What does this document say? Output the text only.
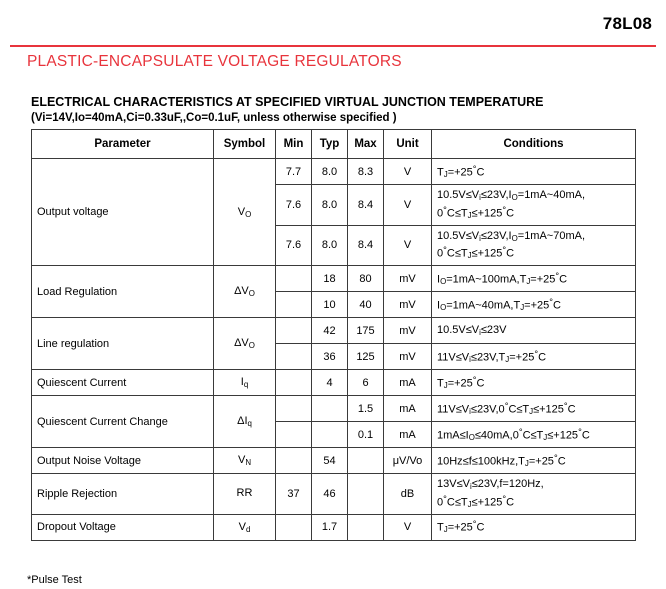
78L08
PLASTIC-ENCAPSULATE VOLTAGE REGULATORS
ELECTRICAL CHARACTERISTICS AT SPECIFIED VIRTUAL JUNCTION TEMPERATURE
(Vi=14V,Io=40mA,Ci=0.33uF,,Co=0.1uF, unless otherwise specified )
Parameter	Symbol	Min	Typ	Max	Unit	Conditions
Output voltage	$V_O$	7.7	8.0	8.3	V	$T_J=+25^\circ C$

		7.6	8.0	8.4	V	$10.5V\le V_i\le 23V,I_O=1mA\sim 40mA$,
$0^\circ C\le T_J\le+125^\circ C$

		7.6	8.0	8.4	V	$10.5V\le V_i\le 23V,I_O=1mA\sim 70mA$,
$0^\circ C\le T_J\le+125^\circ C$

Load Regulation	$\Delta V_O$		18	80	mV	$I_O=1mA\sim 100mA,T_J=+25^\circ C$

			10	40	mV	$I_O=1mA\sim 40mA,T_J=+25^\circ C$

Line regulation	$\Delta V_O$		42	175	mV	$10.5V\le V_i\le 23V$

			36	125	mV	$11V\le V_i\le 23V,T_J=+25^\circ C$

Quiescent Current	$I_q$		4	6	mA	$T_J=+25^\circ C$

Quiescent Current Change	$\Delta I_q$			1.5	mA	$11V\le V_i\le 23V,0^\circ C\le T_J\le+125^\circ C$

				0.1	mA	$1mA\le I_O\le 40mA,0^\circ C\le T_J\le+125^\circ C$

Output Noise Voltage	$V_N$		54		μV/Vo	$10Hz\le f\le 100kHz,T_J=+25^\circ C$

Ripple Rejection	RR	37	46		dB	$13V\le V_i\le 23V,f=120Hz$,
$0^\circ C\le T_J\le+125^\circ C$

Dropout Voltage	$V_d$		1.7		V	$T_J=+25^\circ C$
*Pulse Test
